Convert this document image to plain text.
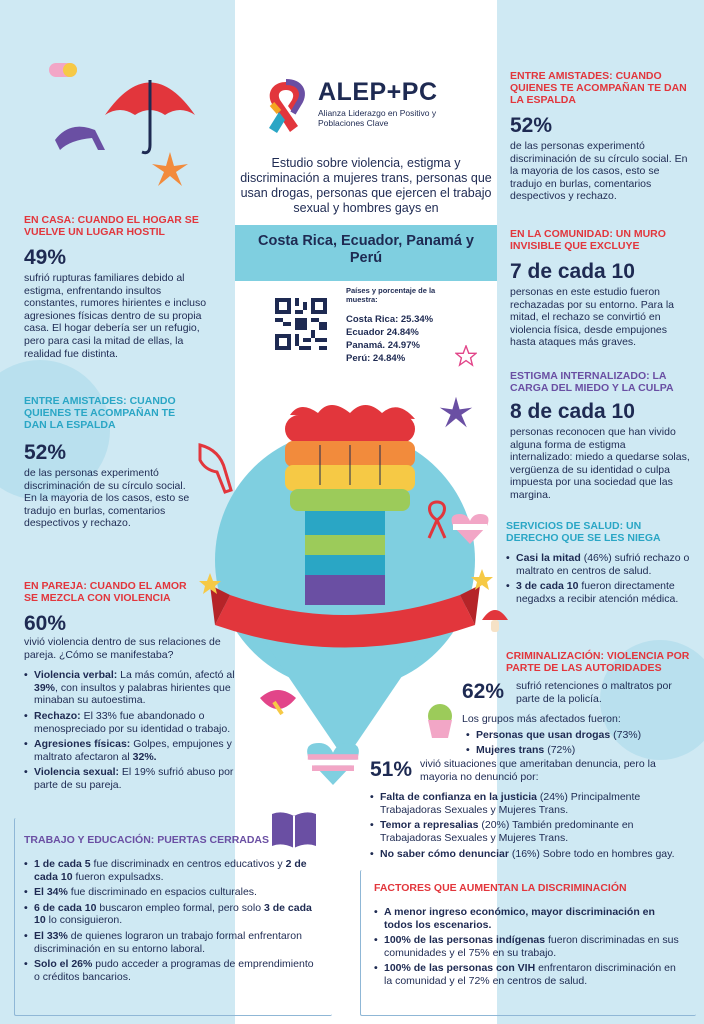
ALEP+PC
Alianza Liderazgo en Positivo y Poblaciones Clave
Estudio sobre violencia, estigma y discriminación a mujeres trans, personas que usan drogas, personas que ejercen el trabajo sexual y hombres gays en
Costa Rica, Ecuador, Panamá y Perú
Países y porcentaje de la muestra:
Costa Rica: 25.34%
Ecuador 24.84%
Panamá. 24.97%
Perú: 24.84%
EN CASA: CUANDO EL HOGAR SE VUELVE UN LUGAR HOSTIL
49%
sufrió rupturas familiares debido al estigma, enfrentando insultos constantes, rumores hirientes e incluso agresiones físicas dentro de su propia casa. El hogar debería ser un refugio, pero para casi la mitad de ellas, la realidad fue distinta.
ENTRE AMISTADES: CUANDO QUIENES TE ACOMPAÑAN TE DAN LA ESPALDA
52%
de las personas experimentó discriminación de su círculo social. En la mayoria de los casos, esto se tradujo en burlas, comentarios despectivos y rechazo.
EN PAREJA: CUANDO EL AMOR SE MEZCLA CON VIOLENCIA
60%
vivió violencia dentro de sus relaciones de pareja. ¿Cómo se manifestaba?
• Violencia verbal: La más común, afectó al 39%, con insultos y palabras hirientes que minaban su autoestima.
• Rechazo: El 33% fue abandonado o menospreciado por su identidad o trabajo.
• Agresiones físicas: Golpes, empujones y maltrato afectaron al 32%.
• Violencia sexual: El 19% sufrió abuso por parte de su pareja.
TRABAJO Y EDUCACIÓN: PUERTAS CERRADAS
• 1 de cada 5 fue discriminadx en centros educativos y 2 de cada 10 fueron expulsadxs.
• El 34% fue discriminado en espacios culturales.
• 6 de cada 10 buscaron empleo formal, pero solo 3 de cada 10 lo consiguieron.
• El 33% de quienes lograron un trabajo formal enfrentaron discriminación en su entorno laboral.
• Solo el 26% pudo acceder a programas de emprendimiento o créditos bancarios.
ENTRE AMISTADES: CUANDO QUIENES TE ACOMPAÑAN TE DAN LA ESPALDA
52%
de las personas experimentó discriminación de su círculo social. En la mayoria de los casos, esto se tradujo en burlas, comentarios despectivos y rechazo.
EN LA COMUNIDAD: UN MURO INVISIBLE QUE EXCLUYE
7 de cada 10
personas en este estudio fueron rechazadas por su entorno. Para la mitad, el rechazo se convirtió en violencia física, desde empujones hasta ataques más graves.
ESTIGMA INTERNALIZADO: LA CARGA DEL MIEDO Y LA CULPA
8 de cada 10
personas reconocen que han vivido alguna forma de estigma internalizado: miedo a quedarse solas, vergüenza de su identidad o culpa impuesta por una sociedad que las margina.
SERVICIOS DE SALUD: UN DERECHO QUE SE LES NIEGA
• Casi la mitad (46%) sufrió rechazo o maltrato en centros de salud.
• 3 de cada 10 fueron directamente negadxs a recibir atención médica.
CRIMINALIZACIÓN: VIOLENCIA POR PARTE DE LAS AUTORIDADES
62%	sufrió retenciones o maltratos por parte de la policía.
Los grupos más afectados fueron:
• Personas que usan drogas (73%)
• Mujeres trans (72%)
51% vivió situaciones que ameritaban denuncia, pero la mayoria no denunció por:
• Falta de confianza en la justicia (24%) Principalmente Trabajadoras Sexuales y Mujeres Trans.
• Temor a represalias (20%) También predominante en Trabajadoras Sexuales y Mujeres Trans.
• No saber cómo denunciar (16%) Sobre todo en hombres gay.
FACTORES QUE AUMENTAN LA DISCRIMINACIÓN
• A menor ingreso económico, mayor discriminación en todos los escenarios.
• 100% de las personas indígenas fueron discriminadas en sus comunidades y el 75% en su trabajo.
• 100% de las personas con VIH enfrentaron discriminación en la comunidad y el 72% en centros de salud.
